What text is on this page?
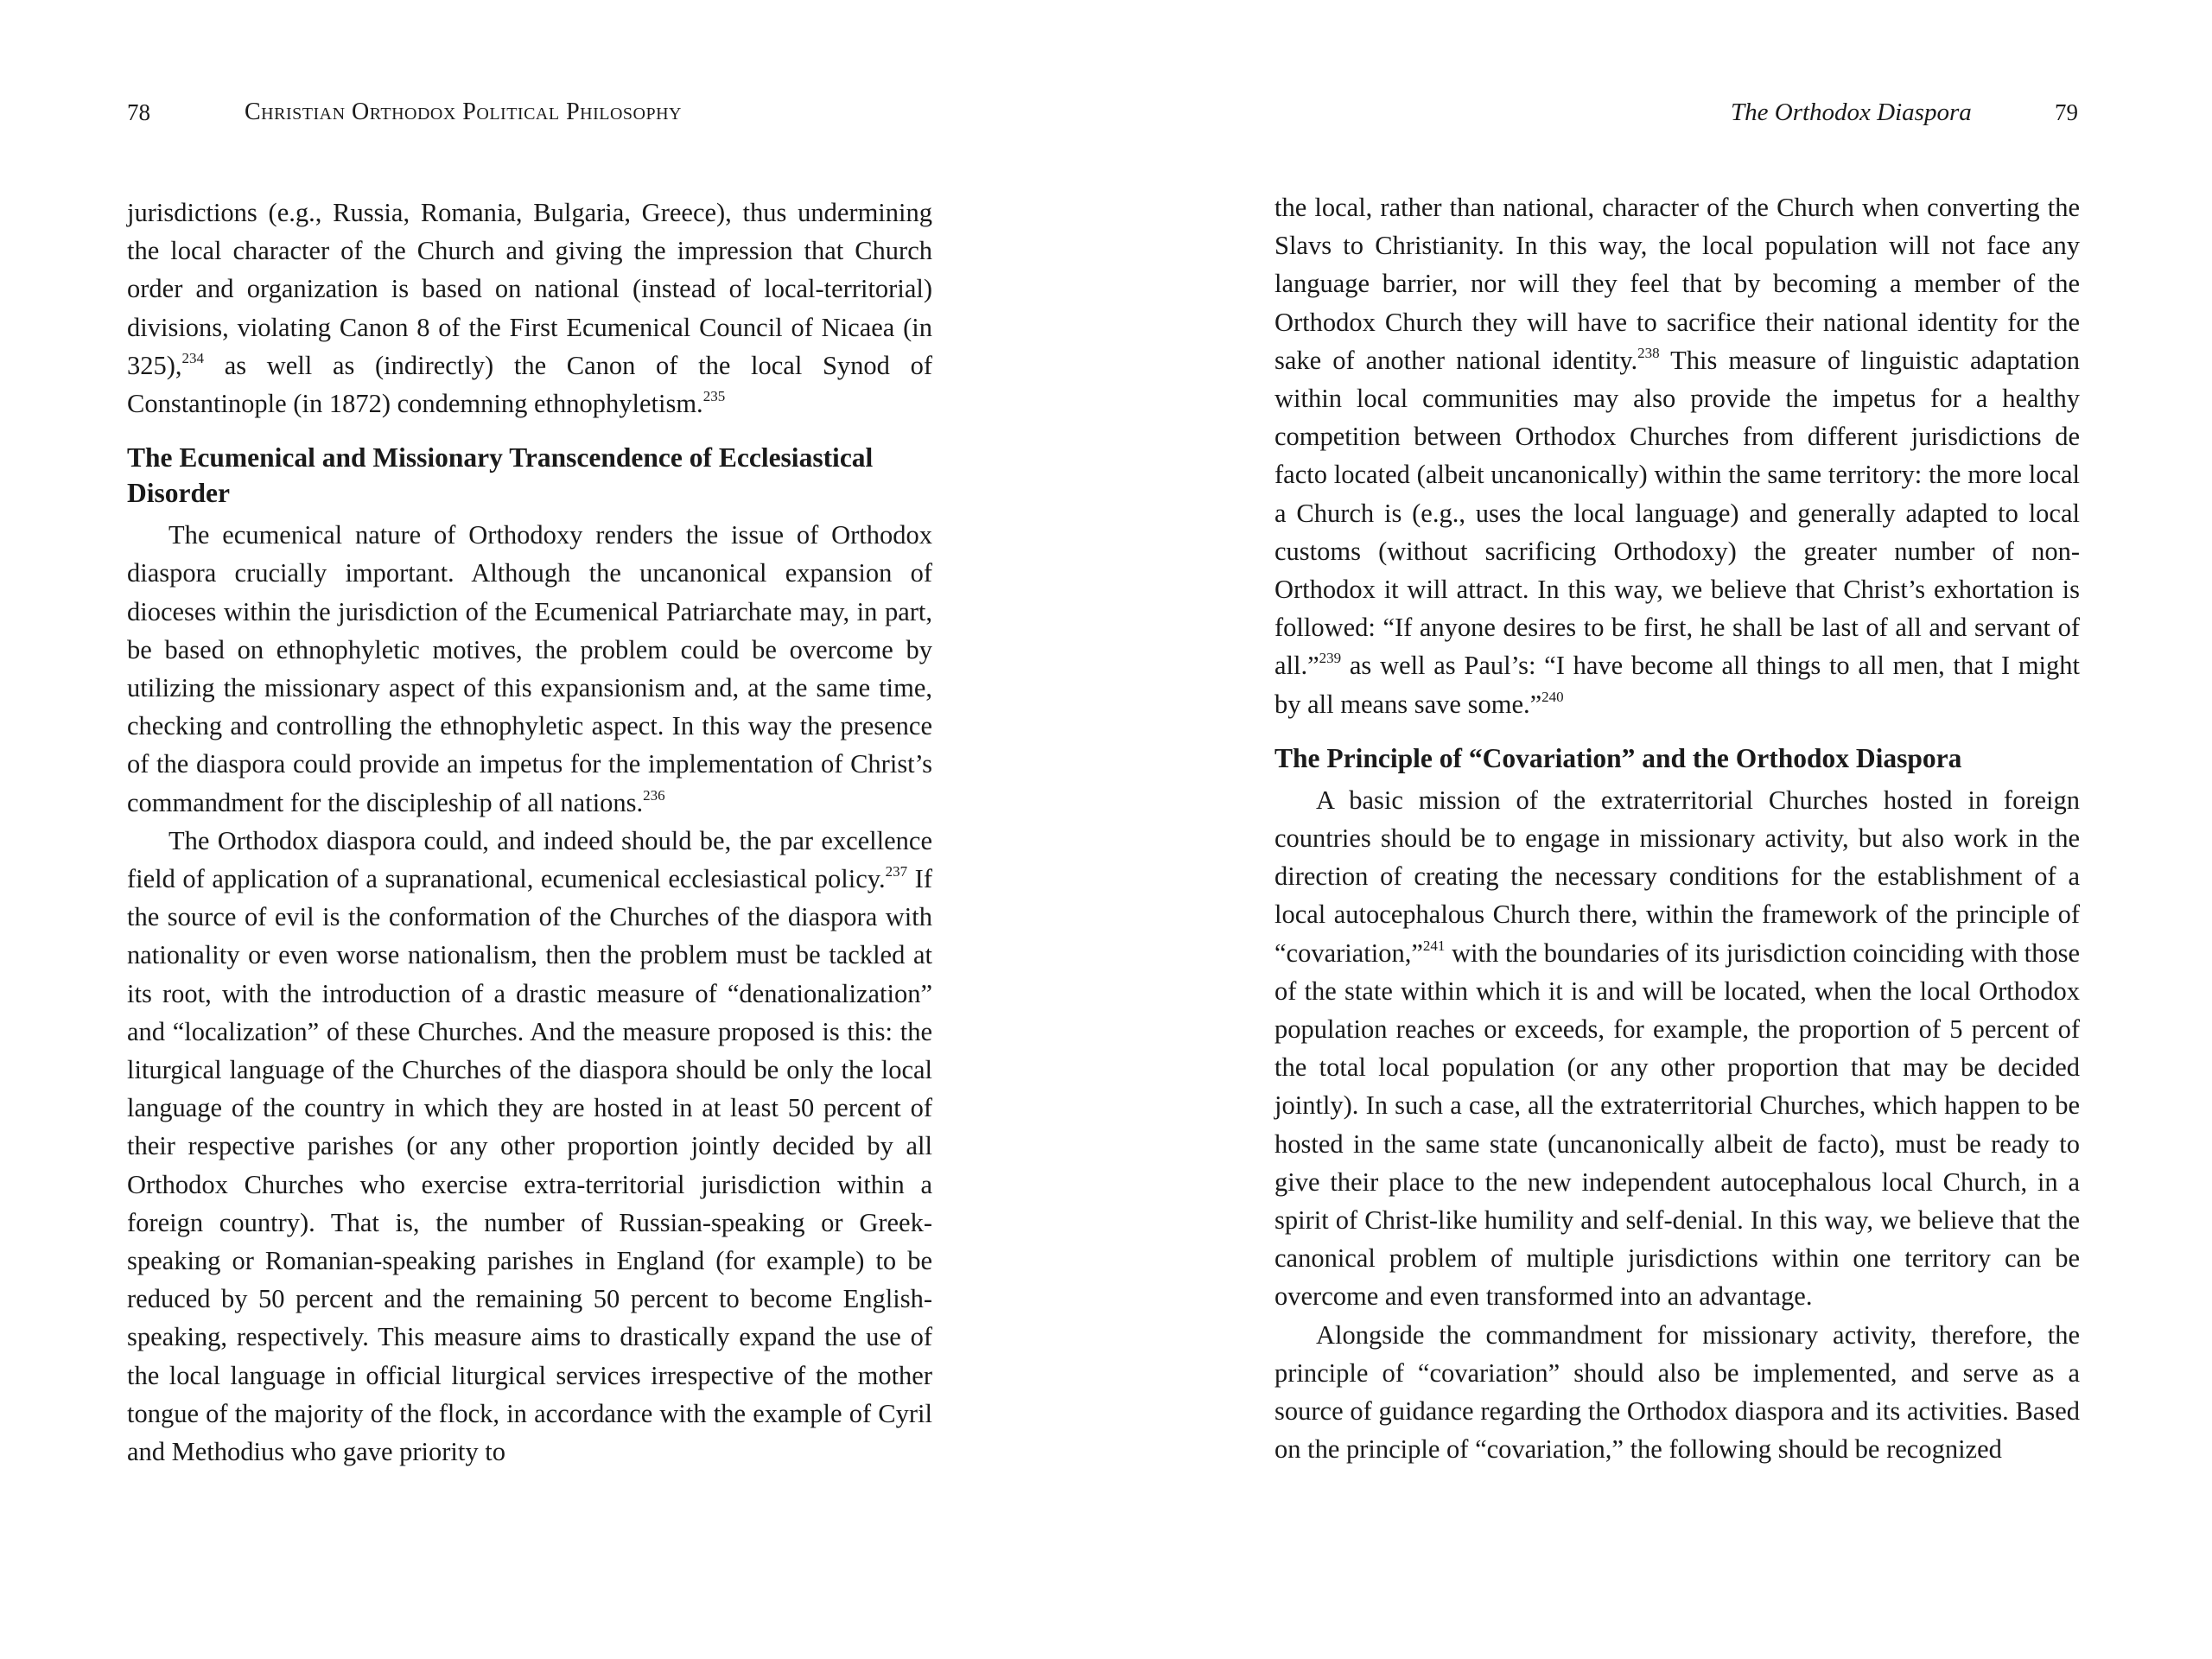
78	Christian Orthodox Political Philosophy

jurisdictions (e.g., Russia, Romania, Bulgaria, Greece), thus undermining the local character of the Church and giving the impression that Church order and organization is based on national (instead of local-territorial) divisions, violating Canon 8 of the First Ecumenical Council of Nicaea (in 325),$^{234}$ as well as (indirectly) the Canon of the local Synod of Constantinople (in 1872) condemning ethnophyletism.$^{235}$

The Ecumenical and Missionary Transcendence of Ecclesiastical Disorder

The ecumenical nature of Orthodoxy renders the issue of Orthodox diaspora crucially important. Although the uncanonical expansion of dioceses within the jurisdiction of the Ecumenical Patriarchate may, in part, be based on ethnophyletic motives, the problem could be overcome by utilizing the missionary aspect of this expansionism and, at the same time, checking and controlling the ethnophyletic aspect. In this way the presence of the diaspora could provide an impetus for the implementation of Christ’s commandment for the discipleship of all nations.$^{236}$

The Orthodox diaspora could, and indeed should be, the par excellence field of application of a supranational, ecumenical ecclesiastical policy.$^{237}$ If the source of evil is the conformation of the Churches of the diaspora with nationality or even worse nationalism, then the problem must be tackled at its root, with the introduction of a drastic measure of “denationalization” and “localization” of these Churches. And the measure proposed is this: the liturgical language of the Churches of the diaspora should be only the local language of the country in which they are hosted in at least 50 percent of their respective parishes (or any other proportion jointly decided by all Orthodox Churches who exercise extra-territorial jurisdiction within a foreign country). That is, the number of Russian-speaking or Greek-speaking or Romanian-speaking parishes in England (for example) to be reduced by 50 percent and the remaining 50 percent to become English-speaking, respectively. This measure aims to drastically expand the use of the local language in official liturgical services irrespective of the mother tongue of the majority of the flock, in accordance with the example of Cyril and Methodius who gave priority to

The Orthodox Diaspora	79

the local, rather than national, character of the Church when converting the Slavs to Christianity. In this way, the local population will not face any language barrier, nor will they feel that by becoming a member of the Orthodox Church they will have to sacrifice their national identity for the sake of another national identity.$^{238}$ This measure of linguistic adaptation within local communities may also provide the impetus for a healthy competition between Orthodox Churches from different jurisdictions de facto located (albeit uncanonically) within the same territory: the more local a Church is (e.g., uses the local language) and generally adapted to local customs (without sacrificing Orthodoxy) the greater number of non-Orthodox it will attract. In this way, we believe that Christ’s exhortation is followed: “If anyone desires to be first, he shall be last of all and servant of all.”$^{239}$ as well as Paul’s: “I have become all things to all men, that I might by all means save some.”$^{240}$

The Principle of “Covariation” and the Orthodox Diaspora

A basic mission of the extraterritorial Churches hosted in foreign countries should be to engage in missionary activity, but also work in the direction of creating the necessary conditions for the establishment of a local autocephalous Church there, within the framework of the principle of “covariation,”$^{241}$ with the boundaries of its jurisdiction coinciding with those of the state within which it is and will be located, when the local Orthodox population reaches or exceeds, for example, the proportion of 5 percent of the total local population (or any other proportion that may be decided jointly). In such a case, all the extraterritorial Churches, which happen to be hosted in the same state (uncanonically albeit de facto), must be ready to give their place to the new independent autocephalous local Church, in a spirit of Christ-like humility and self-denial. In this way, we believe that the canonical problem of multiple jurisdictions within one territory can be overcome and even transformed into an advantage.

Alongside the commandment for missionary activity, therefore, the principle of “covariation” should also be implemented, and serve as a source of guidance regarding the Orthodox diaspora and its activities. Based on the principle of “covariation,” the following should be recognized
